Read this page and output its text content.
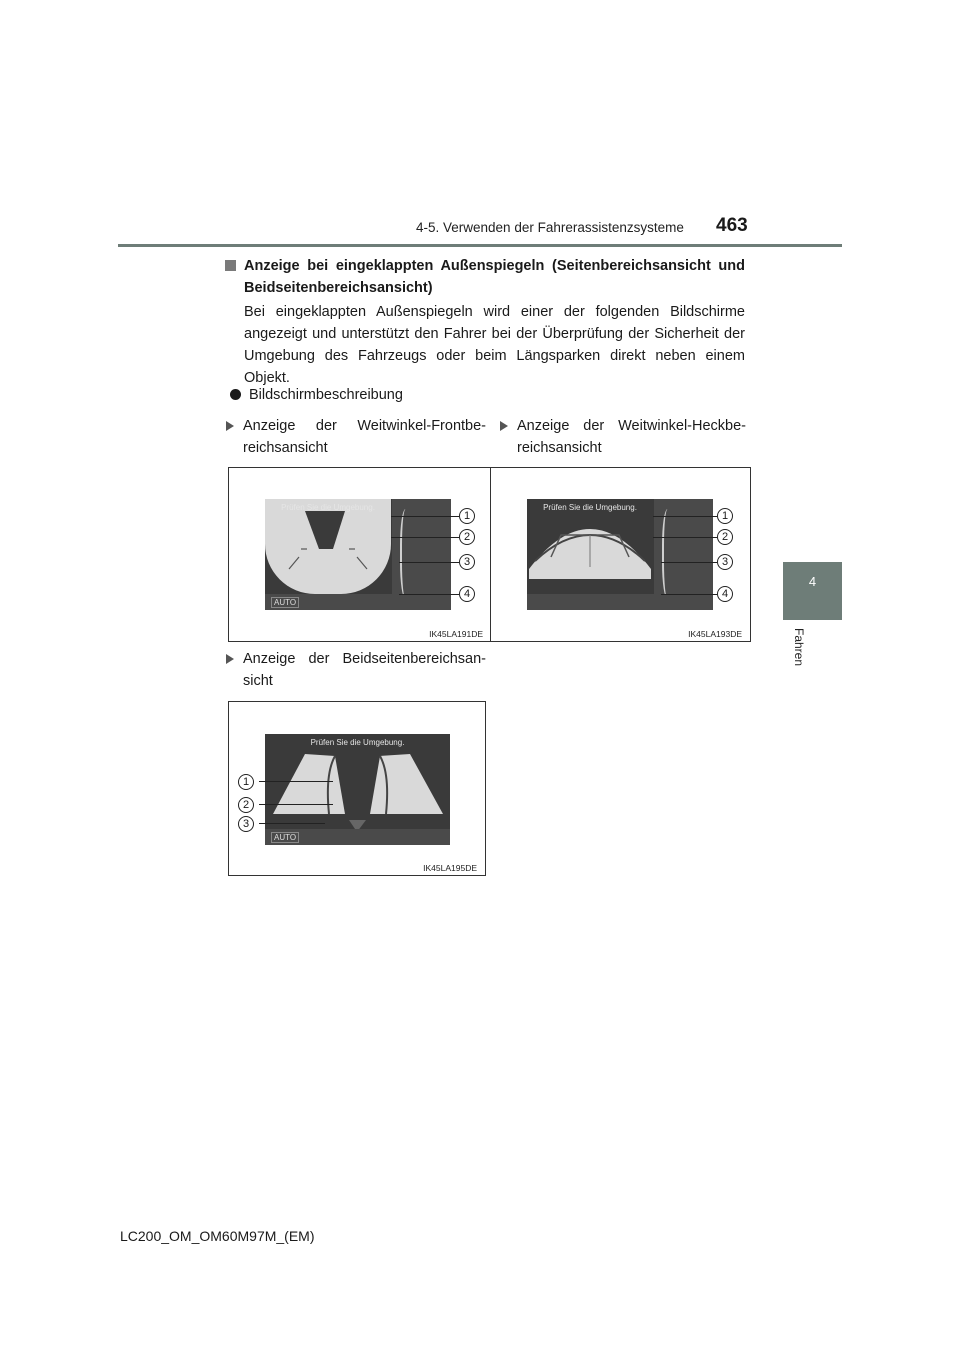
4-5. Verwenden der Fahrerassistenzsysteme 463
4
Fahren
Anzeige bei eingeklappten Außenspiegeln (Seitenbereichsansicht und Beidseitenbereichsansicht)
Bei eingeklappten Außenspiegeln wird einer der folgenden Bildschirme angezeigt und unterstützt den Fahrer bei der Überprüfung der Sicherheit der Umgebung des Fahrzeugs oder beim Längsparken direkt neben einem Objekt.
Bildschirmbeschreibung
Anzeige der Weitwinkel-Frontbe-reichsansicht
Anzeige der Weitwinkel-Heckbe-reichsansicht
Anzeige der Beidseitenbereichsan-sicht
Prüfen Sie die Umgebung.
AUTO
1
2
3
4
IK45LA191DE
Prüfen Sie die Umgebung.
1
2
3
4
IK45LA193DE
Prüfen Sie die Umgebung.
AUTO
1
2
3
IK45LA195DE
LC200_OM_OM60M97M_(EM)
